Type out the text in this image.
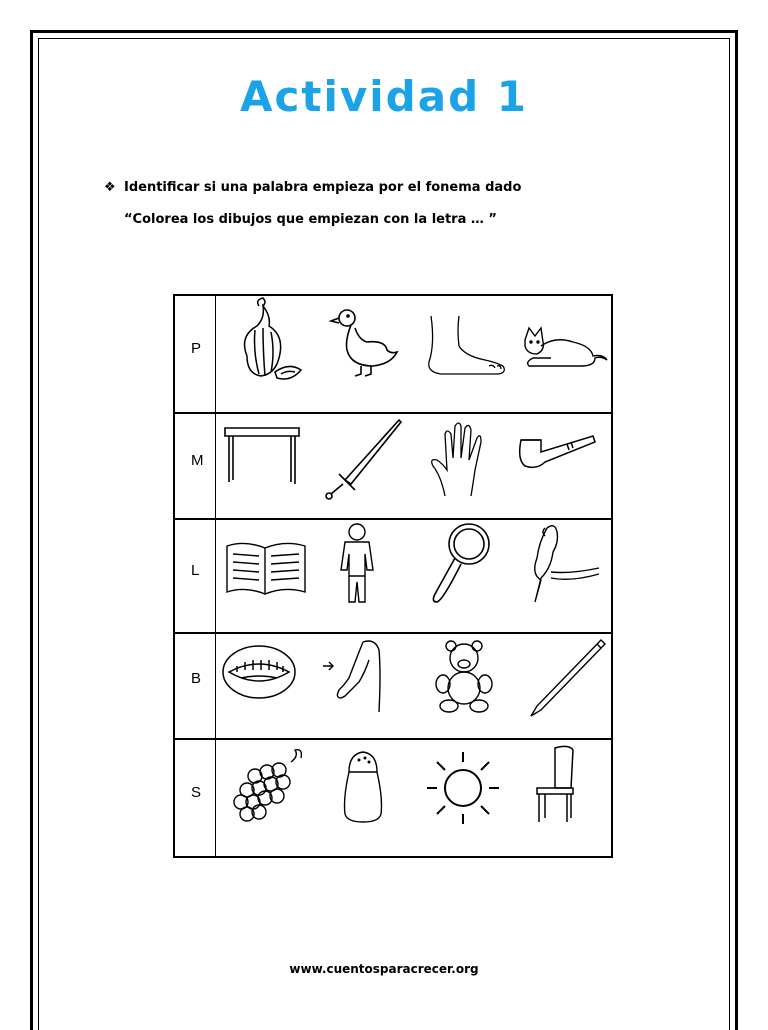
Actividad 1
❖ Identificar si una palabra empieza por el fonema dado
“Colorea los dibujos que empiezan con la letra … ”
P
M
L
B
S
www.cuentosparacrecer.org
